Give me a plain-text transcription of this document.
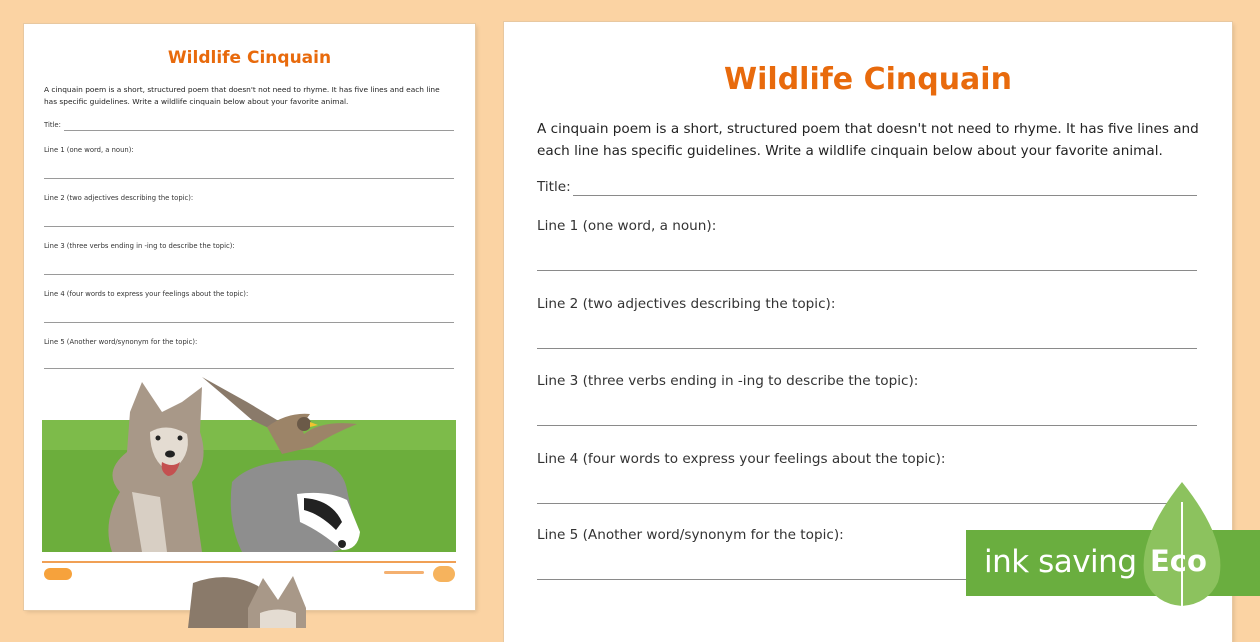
Wildlife Cinquain
A cinquain poem is a short, structured poem that doesn't not need to rhyme. It has five lines and each line has specific guidelines. Write a wildlife cinquain below about your favorite animal.
Title:
Line 1 (one word, a noun):
Line 2 (two adjectives describing the topic):
Line 3 (three verbs ending in -ing to describe the topic):
Line 4 (four words to express your feelings about the topic):
Line 5 (Another word/synonym for the topic):
Wildlife Cinquain
A cinquain poem is a short, structured poem that doesn't not need to rhyme. It has five lines and each line has specific guidelines. Write a wildlife cinquain below about your favorite animal.
Title:
Line 1 (one word, a noun):
Line 2 (two adjectives describing the topic):
Line 3 (three verbs ending in -ing to describe the topic):
Line 4 (four words to express your feelings about the topic):
Line 5 (Another word/synonym for the topic):
ink saving Eco
